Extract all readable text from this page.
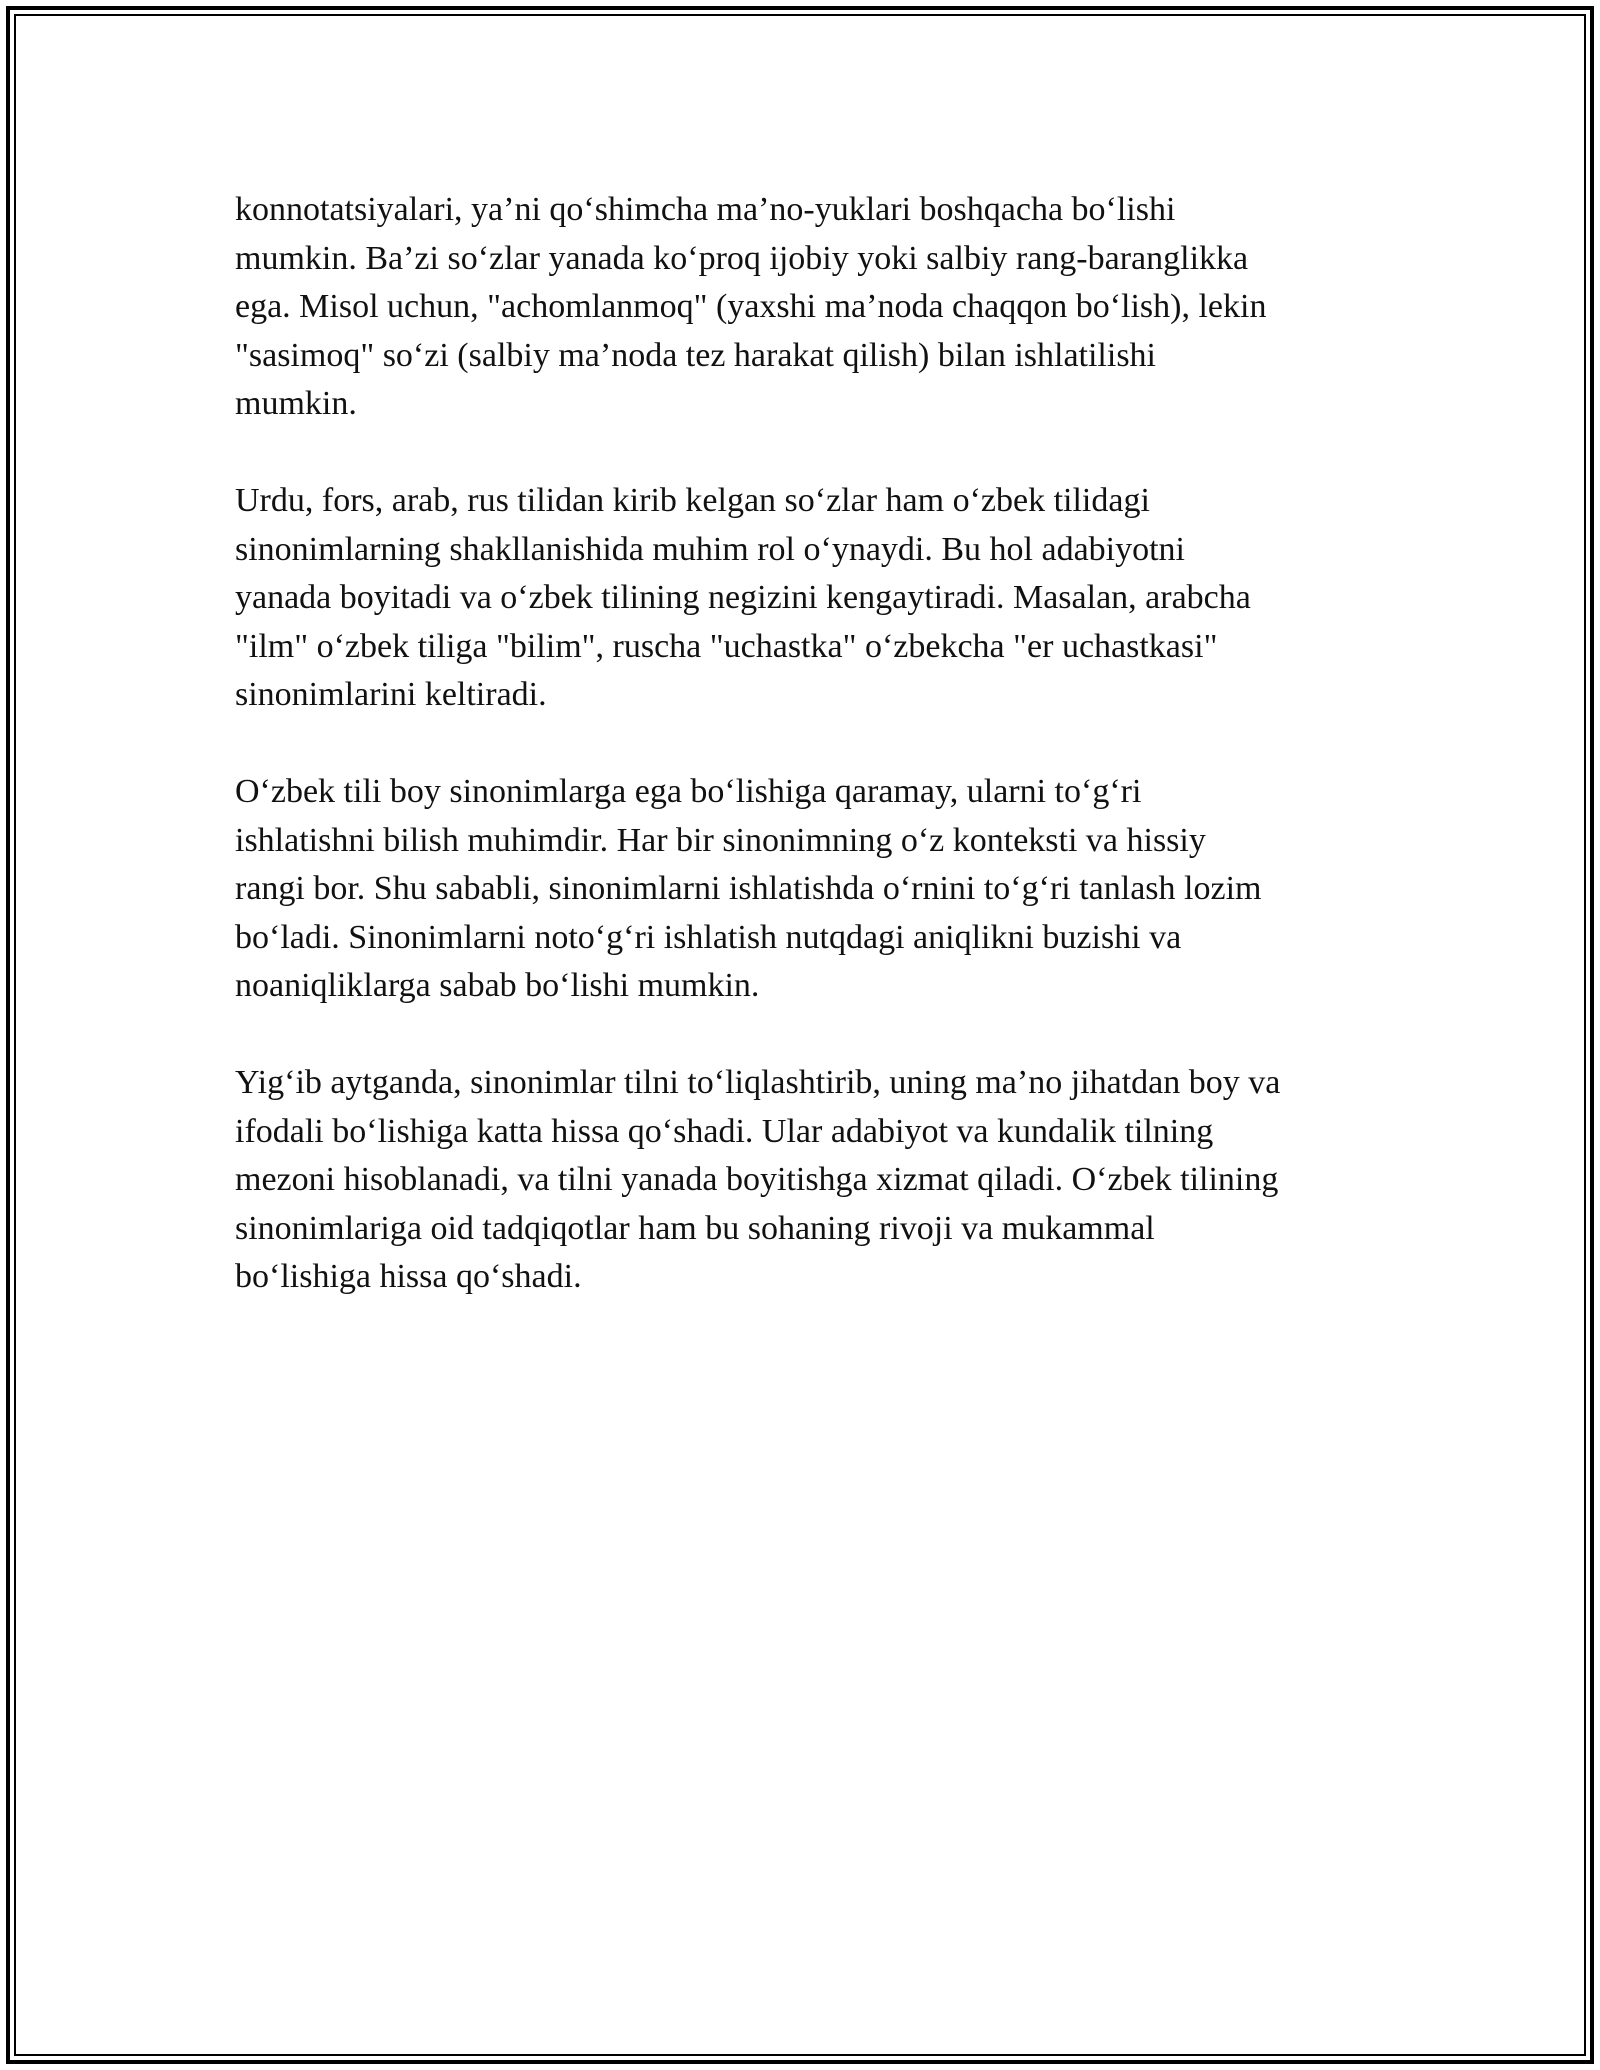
konnotatsiyalari, ya’ni qo‘shimcha ma’no-yuklari boshqacha bo‘lishi
mumkin. Ba’zi so‘zlar yanada ko‘proq ijobiy yoki salbiy rang-baranglikka
ega. Misol uchun, "achomlanmoq" (yaxshi ma’noda chaqqon bo‘lish), lekin
"sasimoq" so‘zi (salbiy ma’noda tez harakat qilish) bilan ishlatilishi
mumkin.

Urdu, fors, arab, rus tilidan kirib kelgan so‘zlar ham o‘zbek tilidagi
sinonimlarning shakllanishida muhim rol o‘ynaydi. Bu hol adabiyotni
yanada boyitadi va o‘zbek tilining negizini kengaytiradi. Masalan, arabcha
"ilm" o‘zbek tiliga "bilim", ruscha "uchastka" o‘zbekcha "er uchastkasi"
sinonimlarini keltiradi.

O‘zbek tili boy sinonimlarga ega bo‘lishiga qaramay, ularni to‘g‘ri
ishlatishni bilish muhimdir. Har bir sinonimning o‘z konteksti va hissiy
rangi bor. Shu sababli, sinonimlarni ishlatishda o‘rnini to‘g‘ri tanlash lozim
bo‘ladi. Sinonimlarni noto‘g‘ri ishlatish nutqdagi aniqlikni buzishi va
noaniqliklarga sabab bo‘lishi mumkin.

Yig‘ib aytganda, sinonimlar tilni to‘liqlashtirib, uning ma’no jihatdan boy va
ifodali bo‘lishiga katta hissa qo‘shadi. Ular adabiyot va kundalik tilning
mezoni hisoblanadi, va tilni yanada boyitishga xizmat qiladi. O‘zbek tilining
sinonimlariga oid tadqiqotlar ham bu sohaning rivoji va mukammal
bo‘lishiga hissa qo‘shadi.
